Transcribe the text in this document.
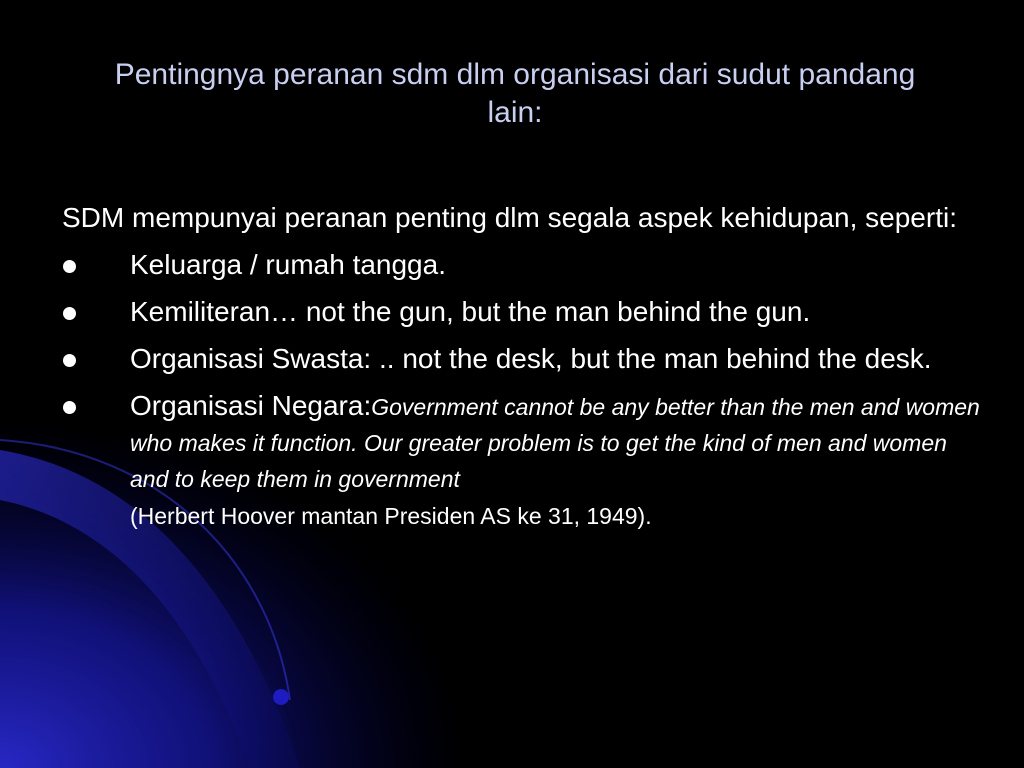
Pentingnya peranan sdm dlm organisasi dari sudut pandang lain:
SDM mempunyai peranan penting dlm segala aspek kehidupan, seperti:
Keluarga / rumah tangga.
Kemiliteran… not the gun, but the man behind the gun.
Organisasi Swasta: .. not the desk, but the man behind the desk.
Organisasi Negara:Government cannot be any better than the men and women who makes it function. Our greater problem is to get the kind of men and women and to keep them in government
(Herbert Hoover mantan Presiden AS ke 31, 1949).
